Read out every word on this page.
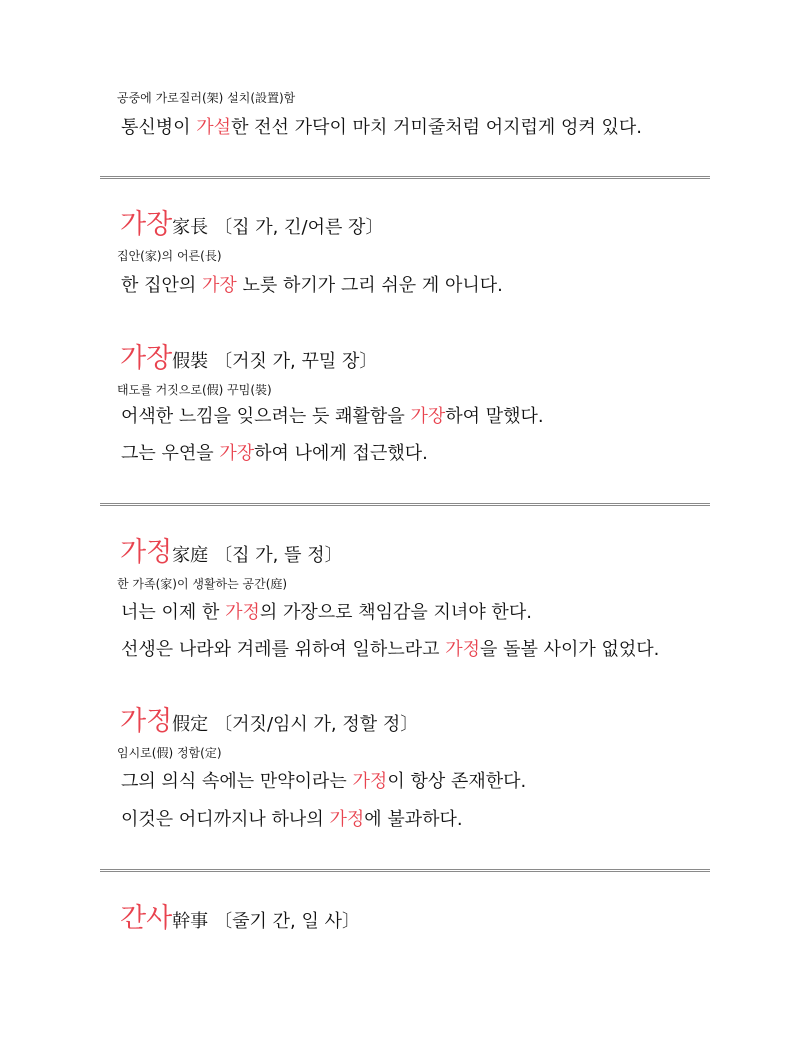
공중에 가로질러(架) 설치(設置)함
통신병이 가설한 전선 가닥이 마치 거미줄처럼 어지럽게 엉켜 있다.
가장家長 〔집 가, 긴/어른 장〕
집안(家)의 어른(長)
한 집안의 가장 노릇 하기가 그리 쉬운 게 아니다.
가장假裝 〔거짓 가, 꾸밀 장〕
태도를 거짓으로(假) 꾸밈(裝)
어색한 느낌을 잊으려는 듯 쾌활함을 가장하여 말했다.
그는 우연을 가장하여 나에게 접근했다.
가정家庭 〔집 가, 뜰 정〕
한 가족(家)이 생활하는 공간(庭)
너는 이제 한 가정의 가장으로 책임감을 지녀야 한다.
선생은 나라와 겨레를 위하여 일하느라고 가정을 돌볼 사이가 없었다.
가정假定 〔거짓/임시 가, 정할 정〕
임시로(假) 정함(定)
그의 의식 속에는 만약이라는 가정이 항상 존재한다.
이것은 어디까지나 하나의 가정에 불과하다.
간사幹事 〔줄기 간, 일 사〕
